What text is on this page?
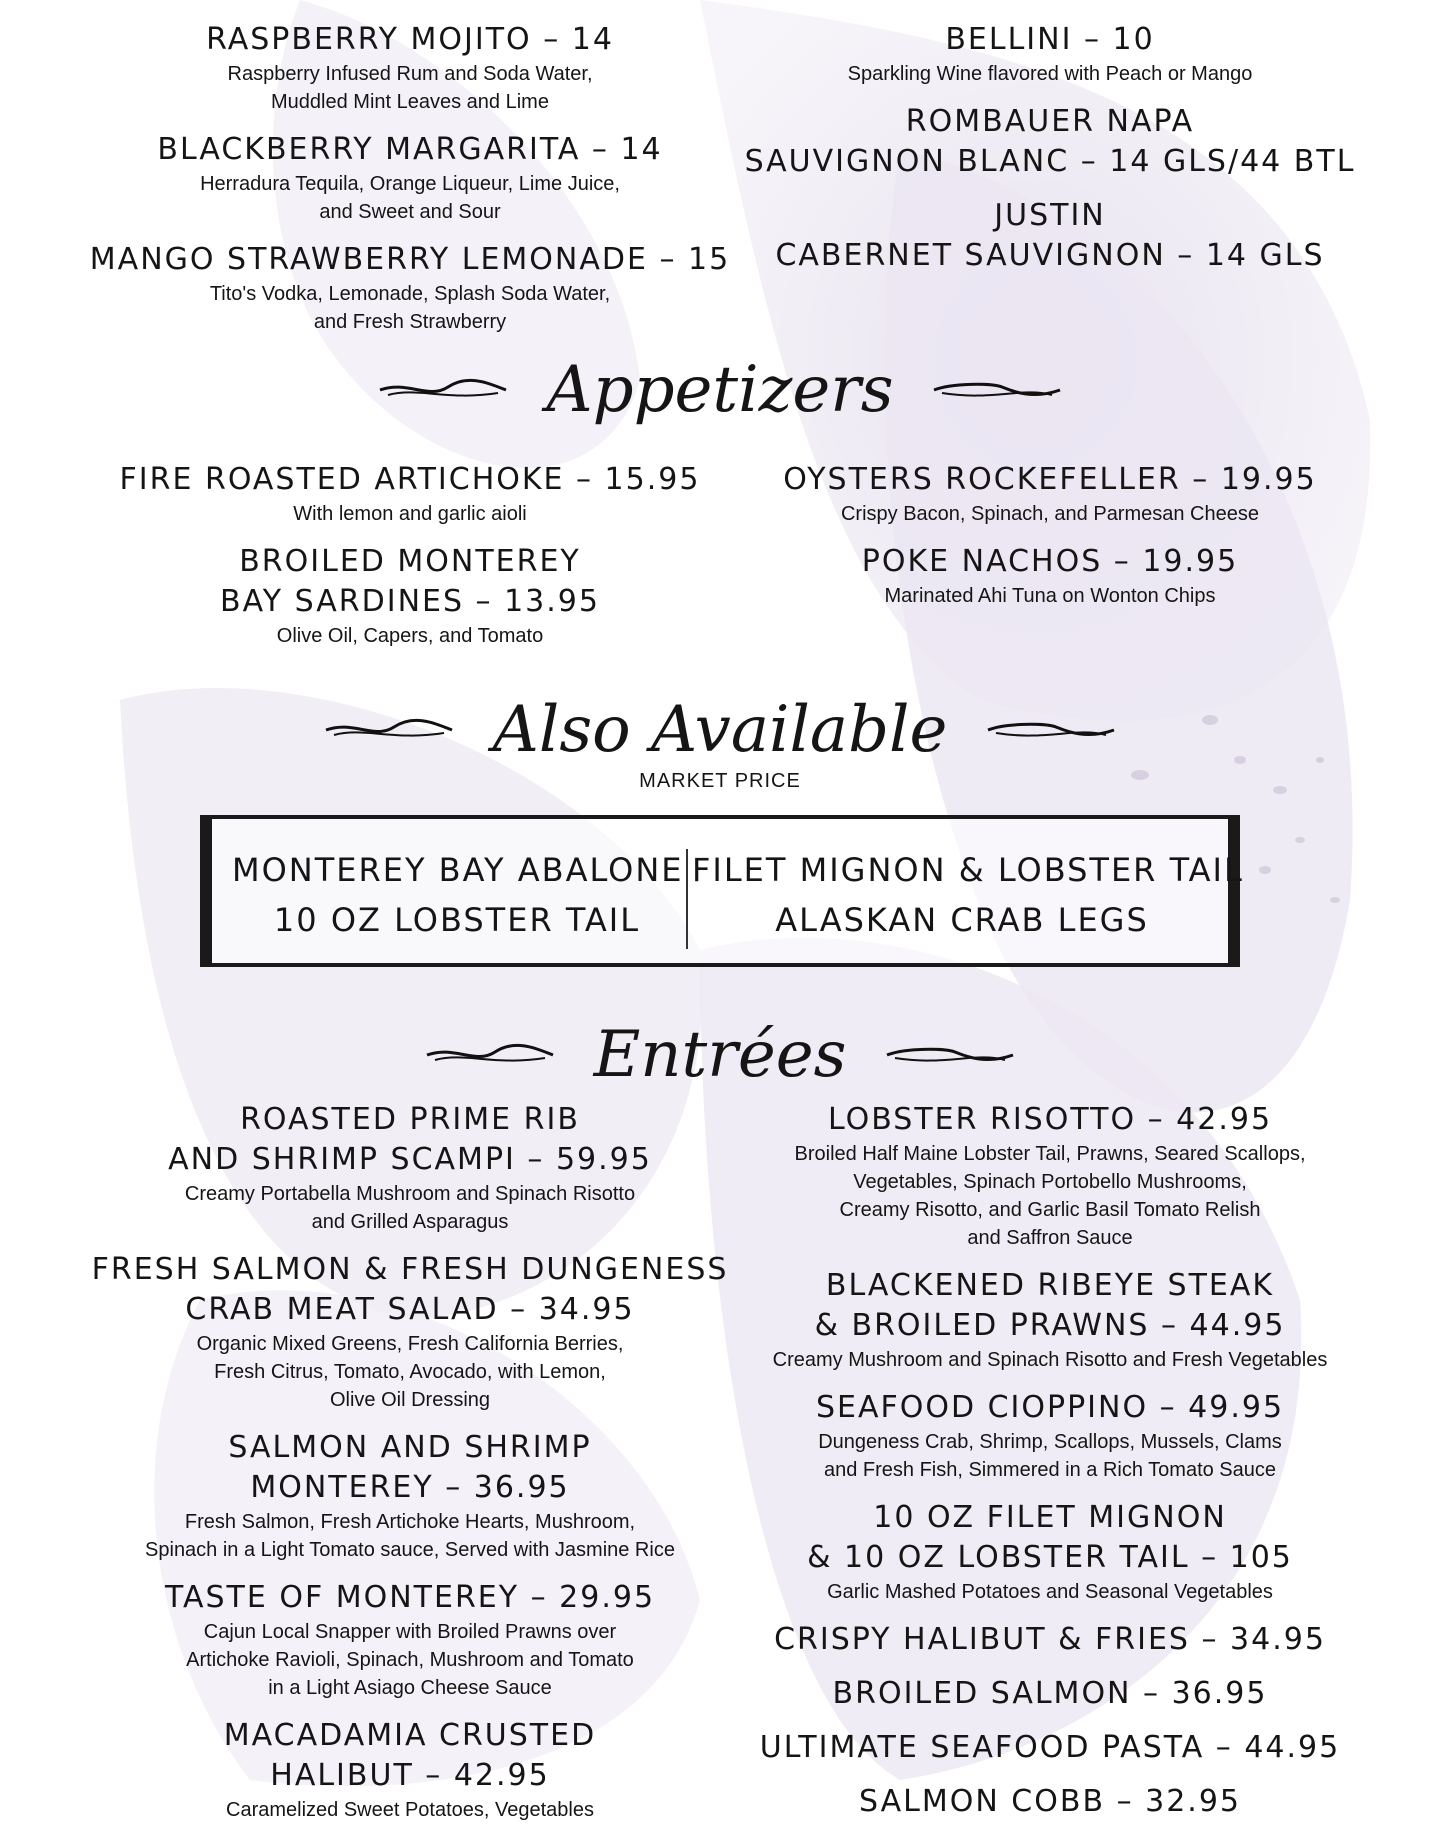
RASPBERRY MOJITO – 14

Raspberry Infused Rum and Soda Water,

Muddled Mint Leaves and Lime

BLACKBERRY MARGARITA – 14

Herradura Tequila, Orange Liqueur, Lime Juice,

and Sweet and Sour

MANGO STRAWBERRY LEMONADE – 15

Tito's Vodka, Lemonade, Splash Soda Water,

and Fresh Strawberry

BELLINI – 10

Sparkling Wine flavored with Peach or Mango

ROMBAUER NAPA

SAUVIGNON BLANC – 14 GLS/44 BTL

JUSTIN

CABERNET SAUVIGNON – 14 GLS

Appetizers

FIRE ROASTED ARTICHOKE – 15.95

With lemon and garlic aioli

BROILED MONTEREY

BAY SARDINES – 13.95

Olive Oil, Capers, and Tomato

OYSTERS ROCKEFELLER – 19.95

Crispy Bacon, Spinach, and Parmesan Cheese

POKE NACHOS – 19.95

Marinated Ahi Tuna on Wonton Chips

Also Available
MARKET PRICE
MONTEREY BAY ABALONE
10 OZ LOBSTER TAIL
FILET MIGNON & LOBSTER TAIL
ALASKAN CRAB LEGS
Entrées

ROASTED PRIME RIB

AND SHRIMP SCAMPI – 59.95

Creamy Portabella Mushroom and Spinach Risotto

and Grilled Asparagus

FRESH SALMON & FRESH DUNGENESS

CRAB MEAT SALAD – 34.95

Organic Mixed Greens, Fresh California Berries,

Fresh Citrus, Tomato, Avocado, with Lemon,

Olive Oil Dressing

SALMON AND SHRIMP

MONTEREY – 36.95

Fresh Salmon, Fresh Artichoke Hearts, Mushroom,

Spinach in a Light Tomato sauce, Served with Jasmine Rice

TASTE OF MONTEREY – 29.95

Cajun Local Snapper with Broiled Prawns over

Artichoke Ravioli, Spinach, Mushroom and Tomato

in a Light Asiago Cheese Sauce

MACADAMIA CRUSTED

HALIBUT – 42.95

Caramelized Sweet Potatoes, Vegetables

LOBSTER RISOTTO – 42.95

Broiled Half Maine Lobster Tail, Prawns, Seared Scallops,

Vegetables, Spinach Portobello Mushrooms,

Creamy Risotto, and Garlic Basil Tomato Relish

and Saffron Sauce

BLACKENED RIBEYE STEAK

& BROILED PRAWNS – 44.95

Creamy Mushroom and Spinach Risotto and Fresh Vegetables

SEAFOOD CIOPPINO – 49.95

Dungeness Crab, Shrimp, Scallops, Mussels, Clams

and Fresh Fish, Simmered in a Rich Tomato Sauce

10 OZ FILET MIGNON

& 10 OZ LOBSTER TAIL – 105

Garlic Mashed Potatoes and Seasonal Vegetables

CRISPY HALIBUT & FRIES – 34.95

BROILED SALMON – 36.95

ULTIMATE SEAFOOD PASTA – 44.95

SALMON COBB – 32.95
